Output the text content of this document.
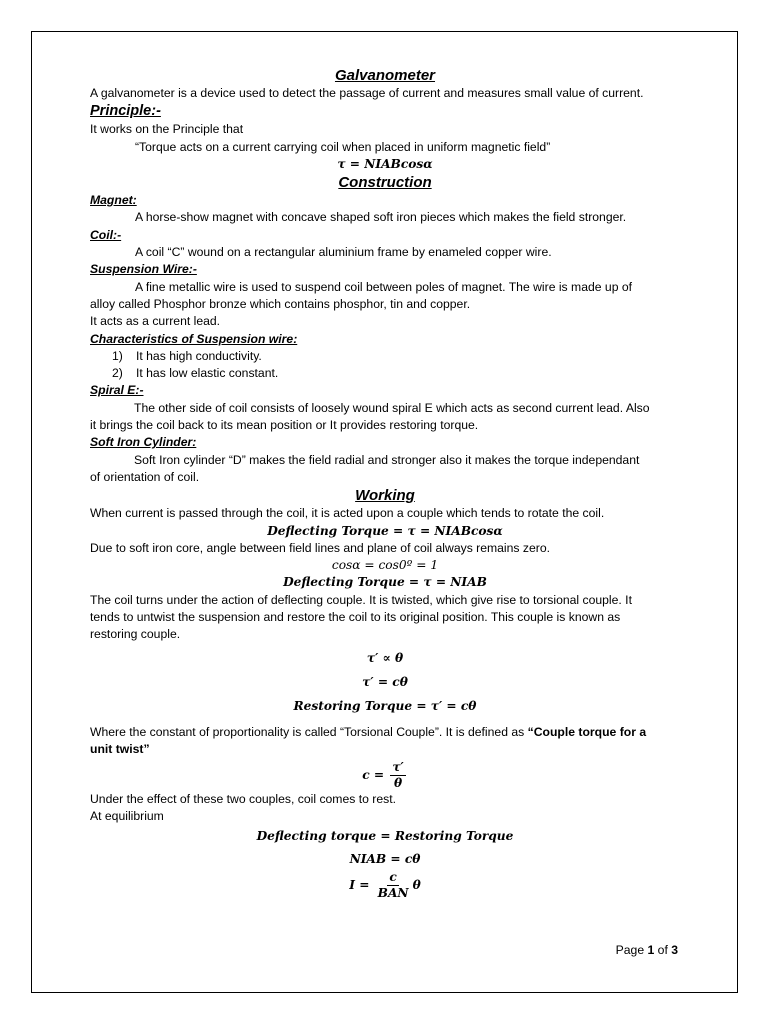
Galvanometer

A galvanometer is a device used to detect the passage of current and measures small value of current.

Principle:-

It works on the Principle that

“Torque acts on a current carrying coil when placed in uniform magnetic field”

τ = NIABcosα

Construction

Magnet:

A horse-show magnet with concave shaped soft iron pieces which makes the field stronger.

Coil:-

A coil “C” wound on a rectangular aluminium frame by enameled copper wire.

Suspension Wire:-

A fine metallic wire is used to suspend coil between poles of magnet. The wire is made up of

alloy called Phosphor bronze which contains phosphor, tin and copper.

It acts as a current lead.

Characteristics of Suspension wire:

1) It has high conductivity.

2) It has low elastic constant.

Spiral E:-

The other side of coil consists of loosely wound spiral E which acts as second current lead. Also

it brings the coil back to its mean position or It provides restoring torque.

Soft Iron Cylinder:

Soft Iron cylinder “D” makes the field radial and stronger also it makes the torque independant

of orientation of coil.

Working

When current is passed through the coil, it is acted upon a couple which tends to rotate the coil.

Deflecting Torque = τ = NIABcosα

Due to soft iron core, angle between field lines and plane of coil always remains zero.

cosα = cos0º = 1

Deflecting Torque = τ = NIAB

The coil turns under the action of deflecting couple. It is twisted, which give rise to torsional couple. It

tends to untwist the suspension and restore the coil to its original position. This couple is known as

restoring couple.

τ′ ∝ θ

τ′ = cθ

Restoring Torque = τ′ = cθ

Where the constant of proportionality is called “Torsional Couple”. It is defined as “Couple torque for a

unit twist”

$c = \frac{\tau'}{\theta}$

Under the effect of these two couples, coil comes to rest.

At equilibrium

Deflecting torque = Restoring Torque

NIAB = cθ

$I = \frac{c}{\text{BAN}}$ θ

Page 1 of 3
